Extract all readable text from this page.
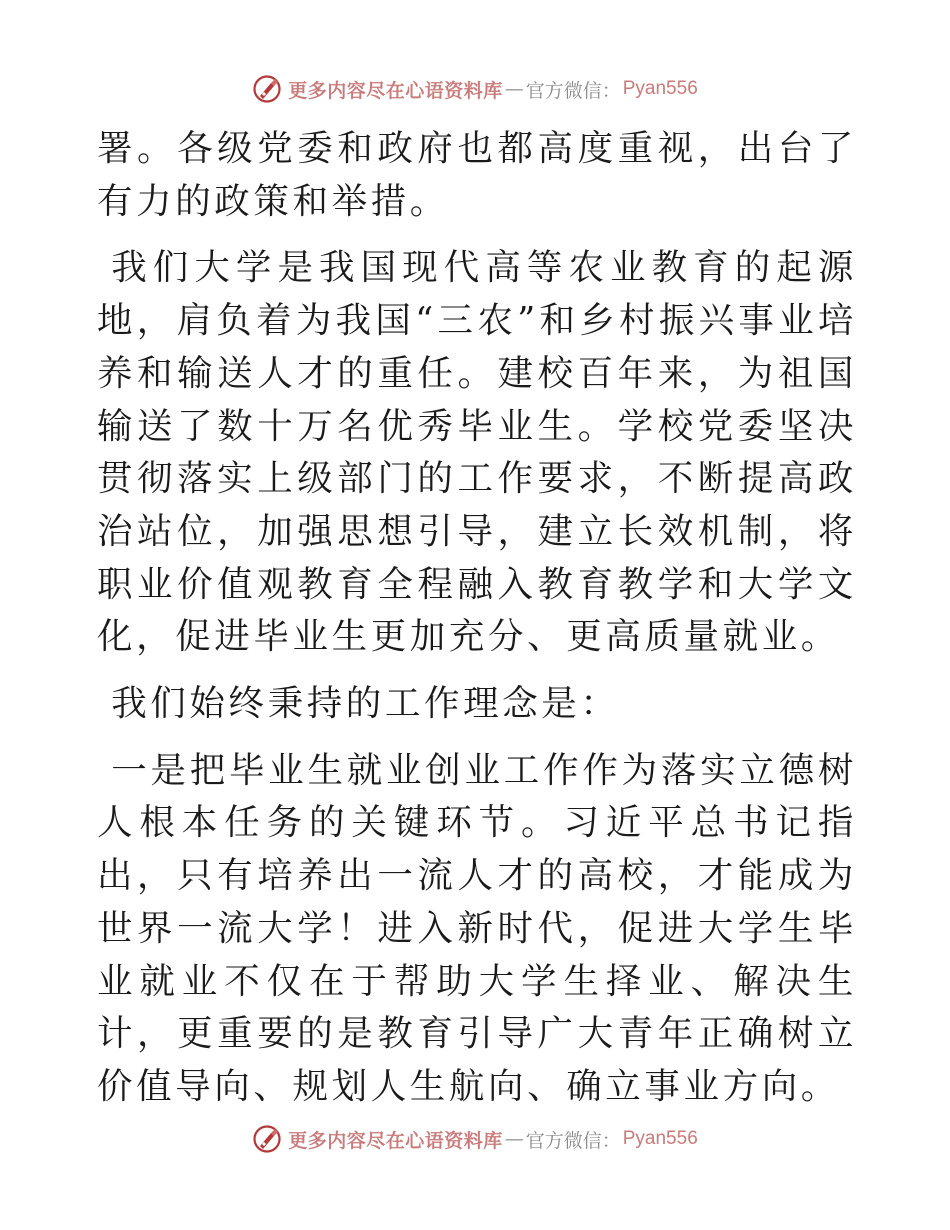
更多内容尽在心语资料库 — 官方微信： Pyan556

署。各级党委和政府也都高度重视，出台了有力的政策和举措。

我们大学是我国现代高等农业教育的起源地，肩负着为我国“三农”和乡村振兴事业培养和输送人才的重任。建校百年来，为祖国输送了数十万名优秀毕业生。学校党委坚决贯彻落实上级部门的工作要求，不断提高政治站位，加强思想引导，建立长效机制，将职业价值观教育全程融入教育教学和大学文化，促进毕业生更加充分、更高质量就业。

我们始终秉持的工作理念是：

一是把毕业生就业创业工作作为落实立德树人根本任务的关键环节。习近平总书记指出，只有培养出一流人才的高校，才能成为世界一流大学！进入新时代，促进大学生毕业就业不仅在于帮助大学生择业、解决生计，更重要的是教育引导广大青年正确树立价值导向、规划人生航向、确立事业方向。

更多内容尽在心语资料库 — 官方微信： Pyan556
